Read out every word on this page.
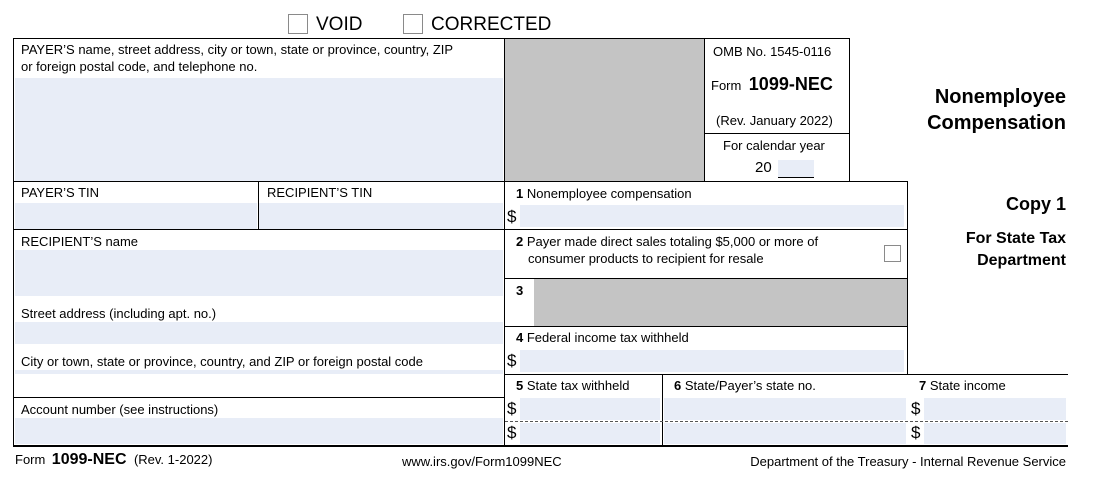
VOID	CORRECTED
PAYER’S name, street address, city or town, state or province, country, ZIP
or foreign postal code, and telephone no.
OMB No. 1545-0116
Form 1099-NEC
(Rev. January 2022)
For calendar year
20
Nonemployee
Compensation
Copy 1
For State Tax
Department
PAYER’S TIN	RECIPIENT’S TIN
RECIPIENT’S name
Street address (including apt. no.)
City or town, state or province, country, and ZIP or foreign postal code
Account number (see instructions)
1 Nonemployee compensation
$
2 Payer made direct sales totaling $5,000 or more of
consumer products to recipient for resale
3
4 Federal income tax withheld
$
5 State tax withheld	6 State/Payer’s state no.	7 State income
$
$
$
$
Form 1099-NEC (Rev. 1-2022)	www.irs.gov/Form1099NEC	Department of the Treasury - Internal Revenue Service
